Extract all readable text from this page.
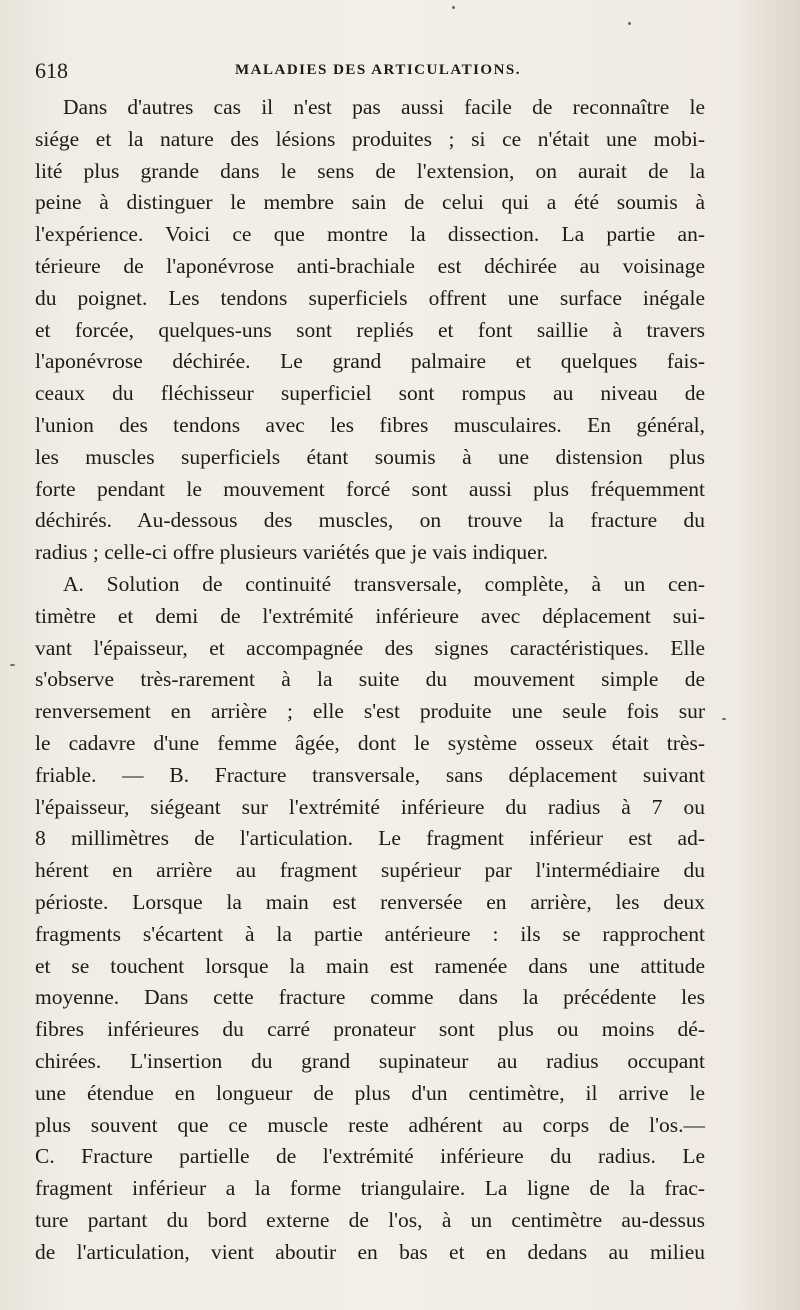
618	MALADIES DES ARTICULATIONS.
Dans d'autres cas il n'est pas aussi facile de reconnaître le
siége et la nature des lésions produites ; si ce n'était une mobi-
lité plus grande dans le sens de l'extension, on aurait de la
peine à distinguer le membre sain de celui qui a été soumis à
l'expérience. Voici ce que montre la dissection. La partie an-
térieure de l'aponévrose anti-brachiale est déchirée au voisinage
du poignet. Les tendons superficiels offrent une surface inégale
et forcée, quelques-uns sont repliés et font saillie à travers
l'aponévrose déchirée. Le grand palmaire et quelques fais-
ceaux du fléchisseur superficiel sont rompus au niveau de
l'union des tendons avec les fibres musculaires. En général,
les muscles superficiels étant soumis à une distension plus
forte pendant le mouvement forcé sont aussi plus fréquemment
déchirés. Au-dessous des muscles, on trouve la fracture du
radius ; celle-ci offre plusieurs variétés que je vais indiquer.
A. Solution de continuité transversale, complète, à un cen-
timètre et demi de l'extrémité inférieure avec déplacement sui-
vant l'épaisseur, et accompagnée des signes caractéristiques. Elle
s'observe très-rarement à la suite du mouvement simple de
renversement en arrière ; elle s'est produite une seule fois sur
le cadavre d'une femme âgée, dont le système osseux était très-
friable. — B. Fracture transversale, sans déplacement suivant
l'épaisseur, siégeant sur l'extrémité inférieure du radius à 7 ou
8 millimètres de l'articulation. Le fragment inférieur est ad-
hérent en arrière au fragment supérieur par l'intermédiaire du
périoste. Lorsque la main est renversée en arrière, les deux
fragments s'écartent à la partie antérieure : ils se rapprochent
et se touchent lorsque la main est ramenée dans une attitude
moyenne. Dans cette fracture comme dans la précédente les
fibres inférieures du carré pronateur sont plus ou moins dé-
chirées. L'insertion du grand supinateur au radius occupant
une étendue en longueur de plus d'un centimètre, il arrive le
plus souvent que ce muscle reste adhérent au corps de l'os.—
C. Fracture partielle de l'extrémité inférieure du radius. Le
fragment inférieur a la forme triangulaire. La ligne de la frac-
ture partant du bord externe de l'os, à un centimètre au-dessus
de l'articulation, vient aboutir en bas et en dedans au milieu
